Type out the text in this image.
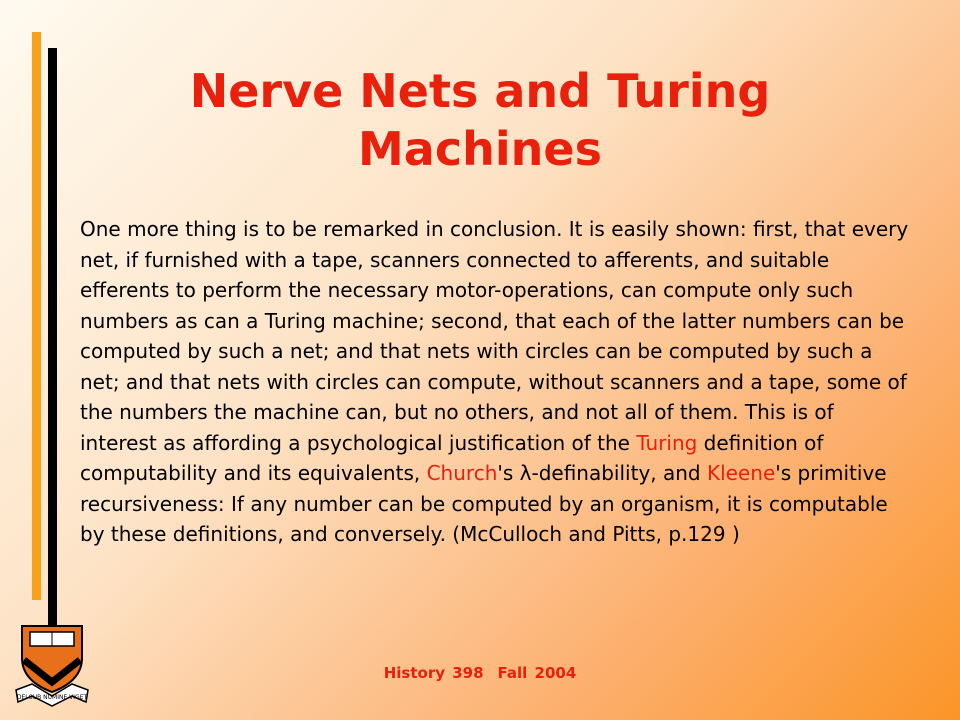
Nerve Nets and Turing Machines

One more thing is to be remarked in conclusion. It is easily shown: first, that every net, if furnished with a tape, scanners connected to afferents, and suitable efferents to perform the necessary motor-operations, can compute only such numbers as can a Turing machine; second, that each of the latter numbers can be computed by such a net; and that nets with circles can be computed by such a net; and that nets with circles can compute, without scanners and a tape, some of the numbers the machine can, but no others, and not all of them. This is of interest as affording a psychological justification of the Turing definition of computability and its equivalents, Church's λ-definability, and Kleene's primitive recursiveness: If any number can be computed by an organism, it is computable by these definitions, and conversely. (McCulloch and Pitts, p.129 )

DEI SUB NUMINE VIGET
History 398 Fall 2004
